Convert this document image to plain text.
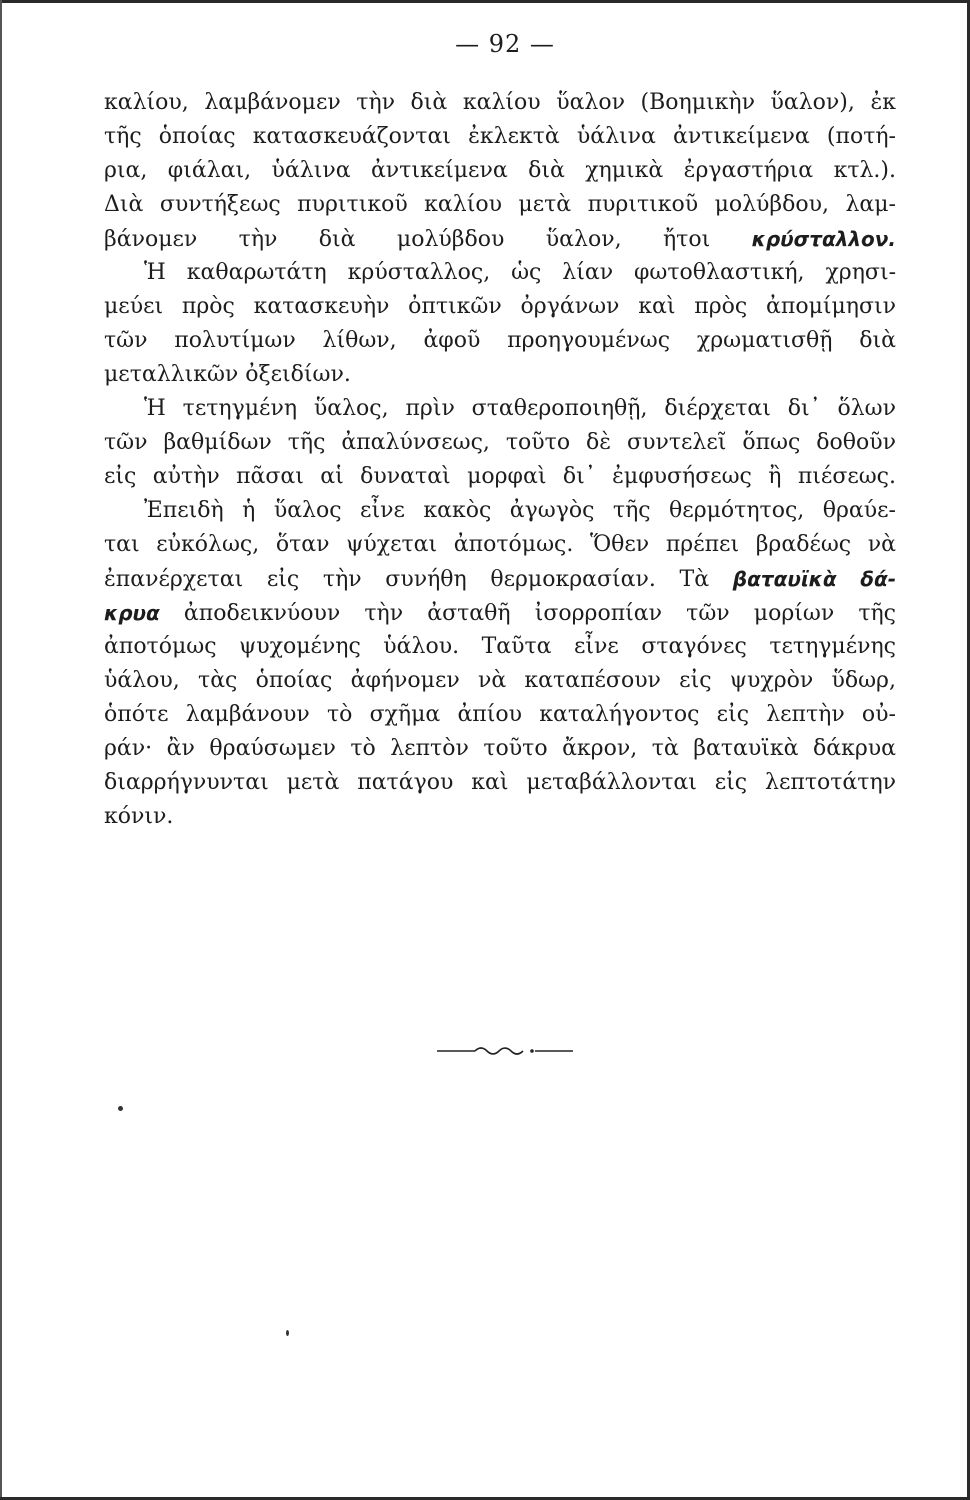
— 92 —
καλίου, λαμβάνομεν τὴν διὰ καλίου ὕαλον (Βοημικὴν ὕαλον), ἐκ
τῆς ὁποίας κατασκευάζονται ἐκλεκτὰ ὑάλινα ἀντικείμενα (ποτή-
ρια, φιάλαι, ὑάλινα ἀντικείμενα διὰ χημικὰ ἐργαστήρια κτλ.).
Διὰ συντήξεως πυριτικοῦ καλίου μετὰ πυριτικοῦ μολύβδου, λαμ-
βάνομεν τὴν διὰ μολύβδου ὕαλον, ἤτοι κρύσταλλον.
Ἡ καθαρωτάτη κρύσταλλος, ὡς λίαν φωτοθλαστική, χρησι-
μεύει πρὸς κατασκευὴν ὀπτικῶν ὀργάνων καὶ πρὸς ἀπομίμησιν
τῶν πολυτίμων λίθων, ἀφοῦ προηγουμένως χρωματισθῇ διὰ
μεταλλικῶν ὀξειδίων.
Ἡ τετηγμένη ὕαλος, πρὶν σταθεροποιηθῇ, διέρχεται δι᾿ ὅλων
τῶν βαθμίδων τῆς ἀπαλύνσεως, τοῦτο δὲ συντελεῖ ὅπως δοθοῦν
εἰς αὐτὴν πᾶσαι αἱ δυναταὶ μορφαὶ δι᾿ ἐμφυσήσεως ἢ πιέσεως.
Ἐπειδὴ ἡ ὕαλος εἶνε κακὸς ἀγωγὸς τῆς θερμότητος, θραύε-
ται εὐκόλως, ὅταν ψύχεται ἀποτόμως. Ὅθεν πρέπει βραδέως νὰ
ἐπανέρχεται εἰς τὴν συνήθη θερμοκρασίαν. Τὰ βαταυϊκὰ δά-
κρυα ἀποδεικνύουν τὴν ἀσταθῆ ἰσορροπίαν τῶν μορίων τῆς
ἀποτόμως ψυχομένης ὑάλου. Ταῦτα εἶνε σταγόνες τετηγμένης
ὑάλου, τὰς ὁποίας ἀφήνομεν νὰ καταπέσουν εἰς ψυχρὸν ὕδωρ,
ὁπότε λαμβάνουν τὸ σχῆμα ἀπίου καταλήγοντος εἰς λεπτὴν οὐ-
ράν· ἂν θραύσωμεν τὸ λεπτὸν τοῦτο ἄκρον, τὰ βαταυϊκὰ δάκρυα
διαρρήγνυνται μετὰ πατάγου καὶ μεταβάλλονται εἰς λεπτοτάτην
κόνιν.
